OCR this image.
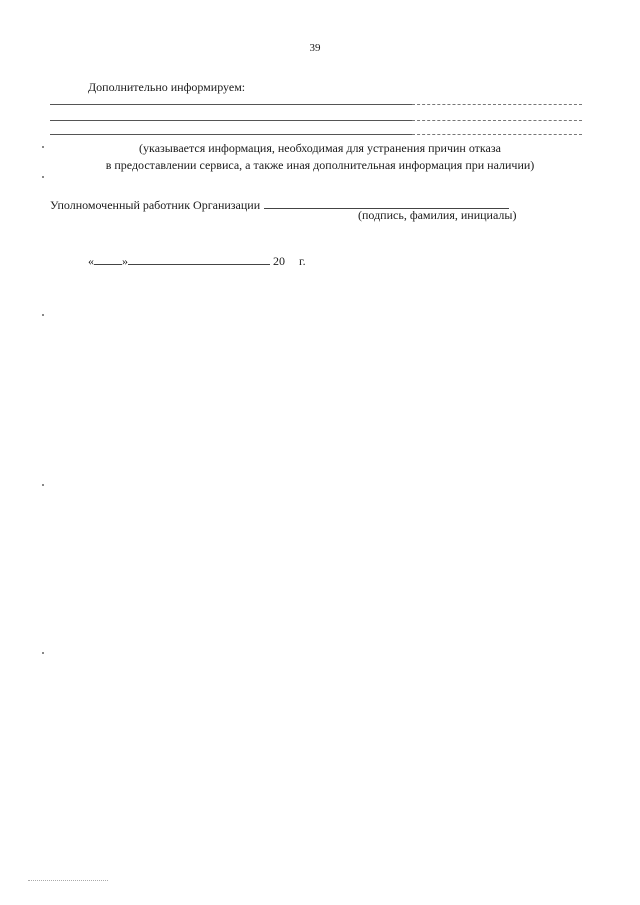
39
Дополнительно информируем:
(указывается информация, необходимая для устранения причин отказа
в предоставлении сервиса, а также иная дополнительная информация при наличии)
Уполномоченный работник Организации
(подпись, фамилия, инициалы)
« »	20 г.
